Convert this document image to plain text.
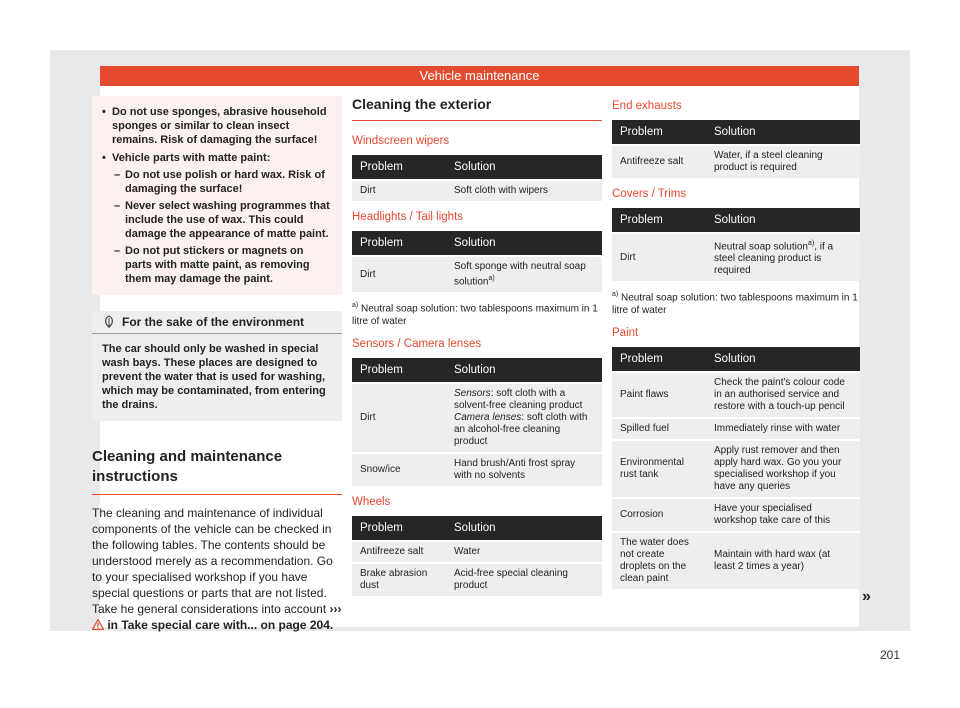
Vehicle maintenance
• Do not use sponges, abrasive household sponges or similar to clean insect remains. Risk of damaging the surface!
• Vehicle parts with matte paint:
– Do not use polish or hard wax. Risk of damaging the surface!
– Never select washing programmes that include the use of wax. This could damage the appearance of matte paint.
– Do not put stickers or magnets on parts with matte paint, as removing them may damage the paint.
For the sake of the environment
The car should only be washed in special wash bays. These places are designed to prevent the water that is used for washing, which may be contaminated, from entering the drains.
Cleaning and maintenance instructions
The cleaning and maintenance of individual components of the vehicle can be checked in the following tables. The contents should be understood merely as a recommendation. Go to your specialised workshop if you have special questions or parts that are not listed. Take he general considerations into account ›››  in Take special care with... on page 204.
Cleaning the exterior
Windscreen wipers
Problem	Solution
Dirt	Soft cloth with wipers
Headlights / Tail lights
Problem	Solution
Dirt	Soft sponge with neutral soap solution$^{a)}$
$^{a)}$ Neutral soap solution: two tablespoons maximum in 1 litre of water
Sensors / Camera lenses
Problem	Solution
Dirt	Sensors: soft cloth with a solvent-free cleaning product
Camera lenses: soft cloth with an alcohol-free cleaning product
Snow/ice	Hand brush/Anti frost spray with no solvents
Wheels
Problem	Solution
Antifreeze salt	Water
Brake abrasion dust	Acid-free special cleaning product
End exhausts
Problem	Solution
Antifreeze salt	Water, if a steel cleaning product is required
Covers / Trims
Problem	Solution
Dirt	Neutral soap solution$^{a)}$, if a steel cleaning product is required
$^{a)}$ Neutral soap solution: two tablespoons maximum in 1 litre of water
Paint
Problem	Solution
Paint flaws	Check the paint's colour code in an authorised service and restore with a touch-up pencil
Spilled fuel	Immediately rinse with water
Environmental rust tank	Apply rust remover and then apply hard wax. Go you your specialised workshop if you have any queries
Corrosion	Have your specialised workshop take care of this
The water does not create droplets on the clean paint	Maintain with hard wax (at least 2 times a year)
»
201
